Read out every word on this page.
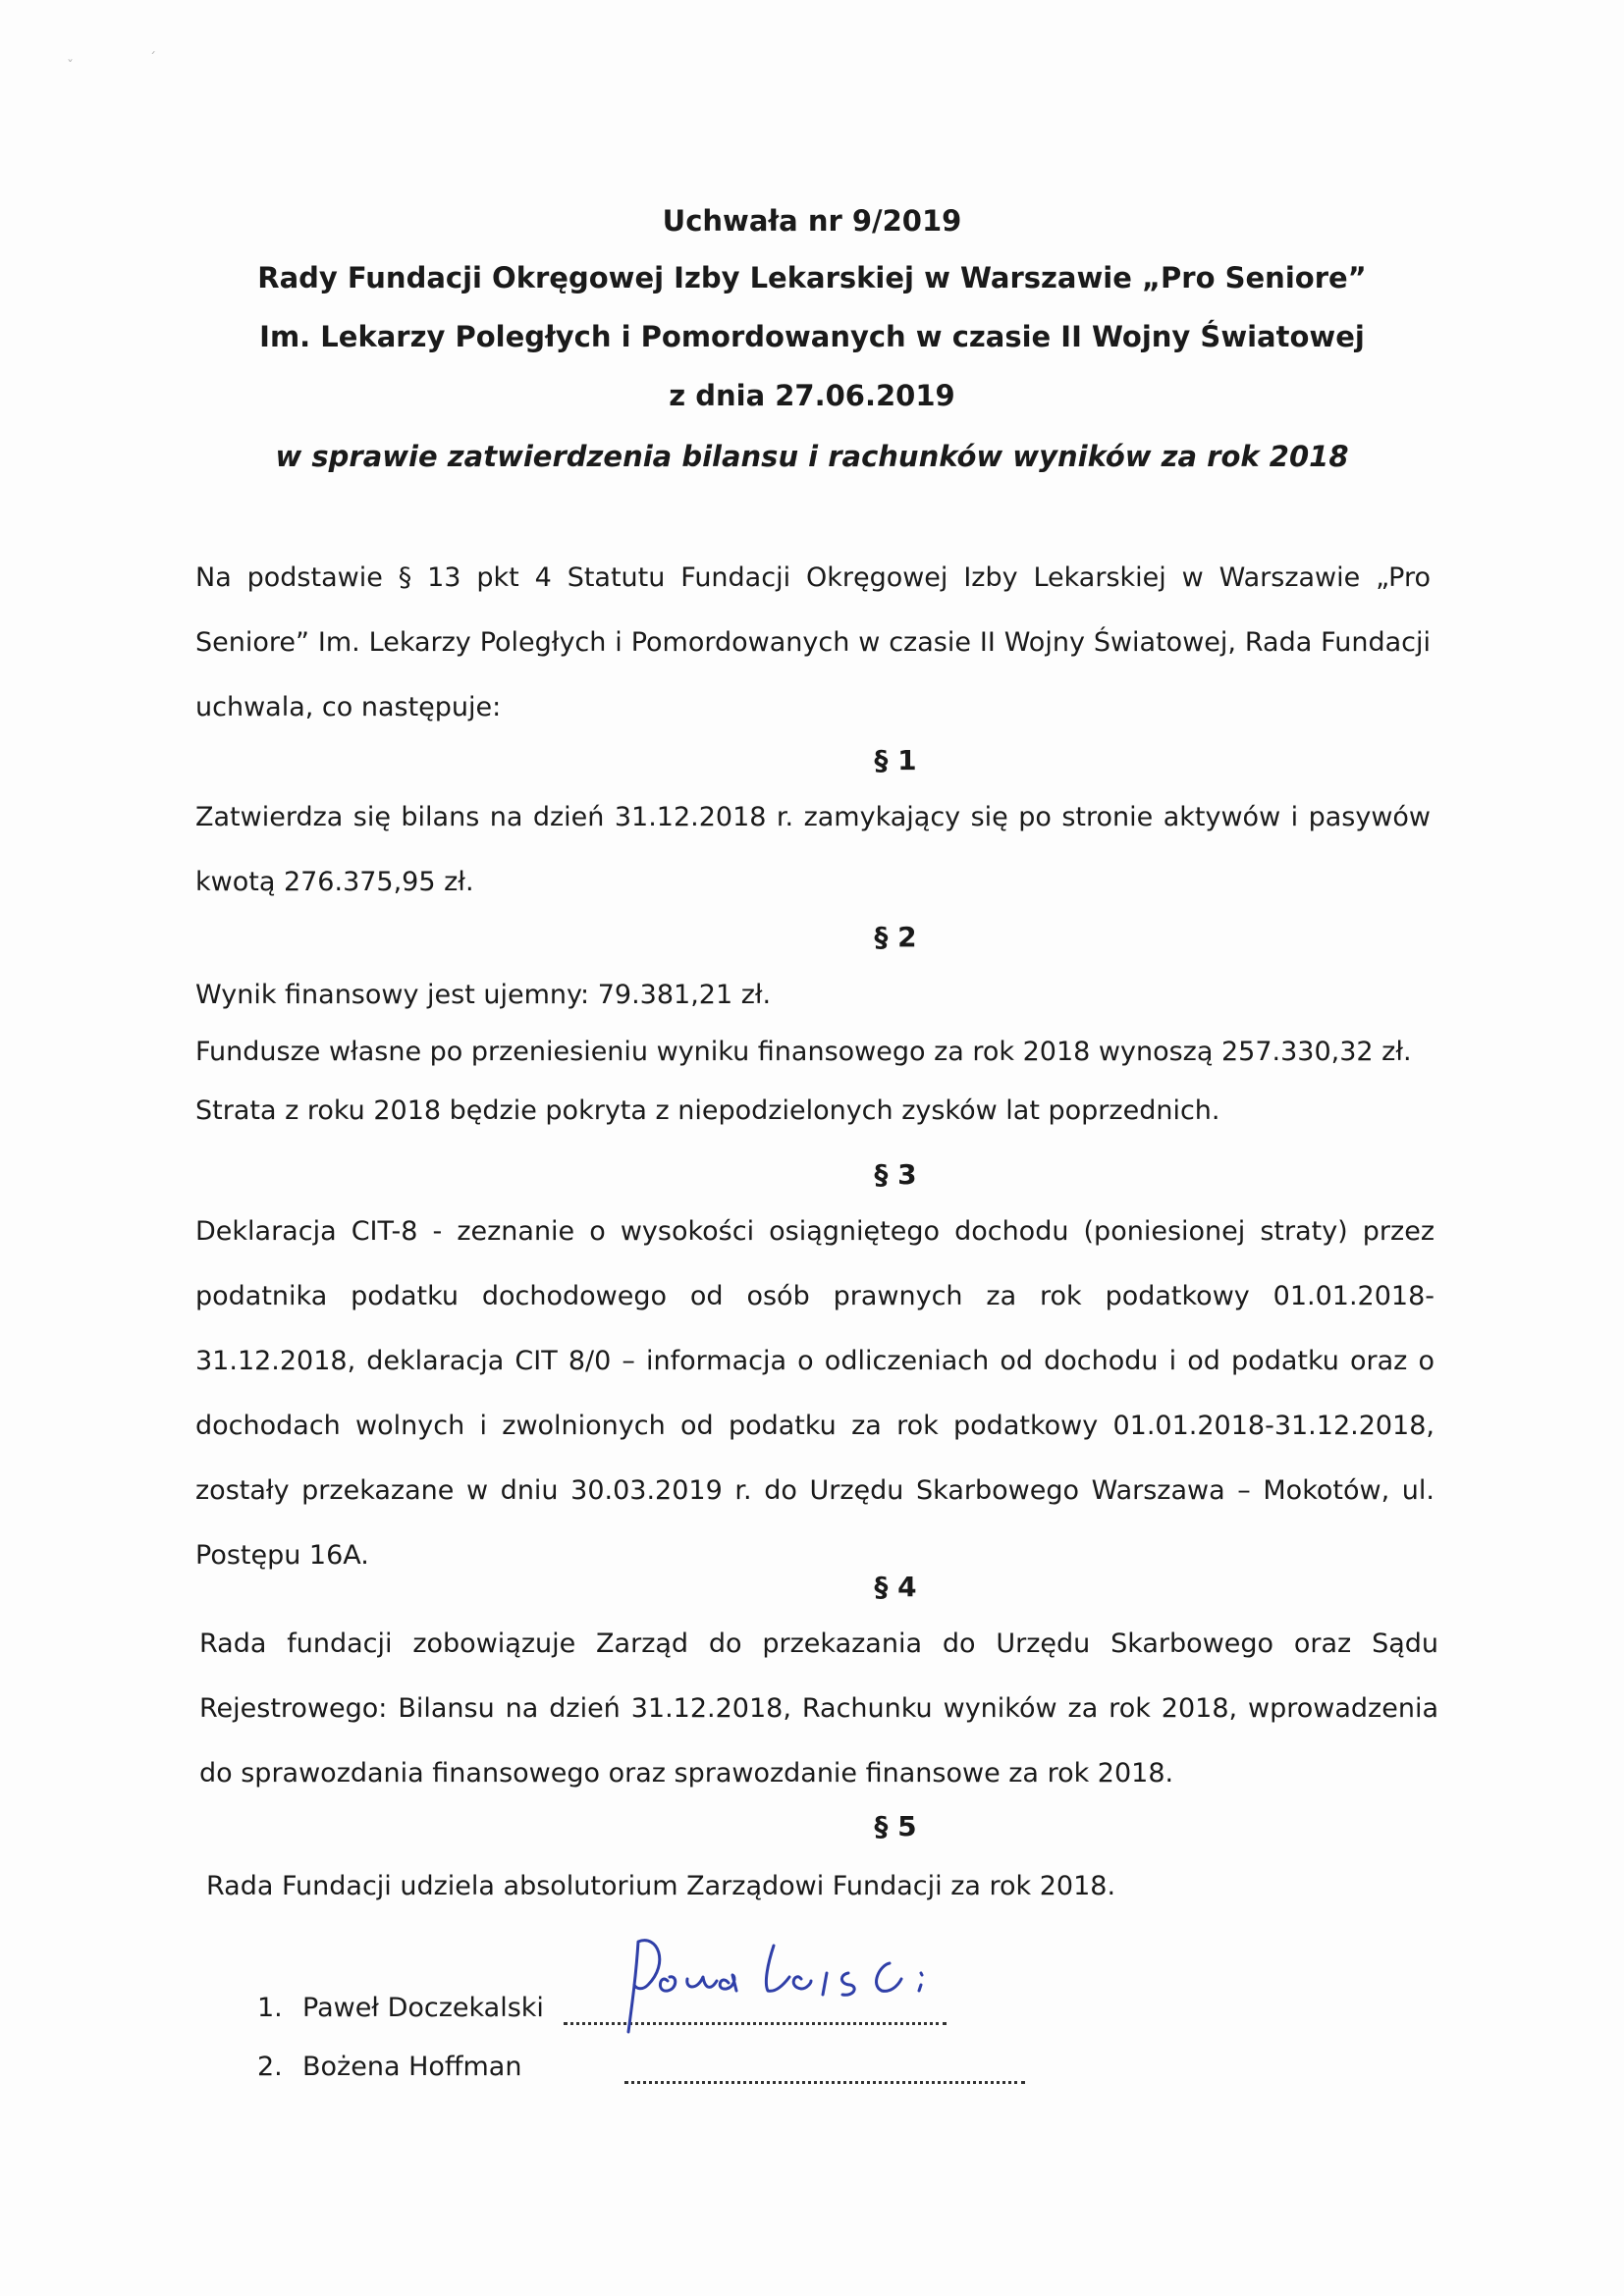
ˇ	ˊ
Uchwała nr 9/2019
Rady Fundacji Okręgowej Izby Lekarskiej w Warszawie „Pro Seniore”
Im. Lekarzy Poległych i Pomordowanych w czasie II Wojny Światowej
z dnia 27.06.2019
w sprawie zatwierdzenia bilansu i rachunków wyników za rok 2018
Na podstawie § 13 pkt 4 Statutu Fundacji Okręgowej Izby Lekarskiej w Warszawie „Pro Seniore” Im. Lekarzy Poległych i Pomordowanych w czasie II Wojny Światowej, Rada Fundacji uchwala, co następuje:
§ 1
Zatwierdza się bilans na dzień 31.12.2018 r. zamykający się po stronie aktywów i pasywów kwotą 276.375,95 zł.
§ 2
Wynik finansowy jest ujemny: 79.381,21 zł.
Fundusze własne po przeniesieniu wyniku finansowego za rok 2018 wynoszą 257.330,32 zł.
Strata z roku 2018 będzie pokryta z niepodzielonych zysków lat poprzednich.
§ 3
Deklaracja CIT-8 - zeznanie o wysokości osiągniętego dochodu (poniesionej straty) przez podatnika podatku dochodowego od osób prawnych za rok podatkowy 01.01.2018-31.12.2018, deklaracja CIT 8/0 – informacja o odliczeniach od dochodu i od podatku oraz o dochodach wolnych i zwolnionych od podatku za rok podatkowy 01.01.2018-31.12.2018, zostały przekazane w dniu 30.03.2019 r. do Urzędu Skarbowego Warszawa – Mokotów, ul. Postępu 16A.
§ 4
Rada fundacji zobowiązuje Zarząd do przekazania do Urzędu Skarbowego oraz Sądu Rejestrowego: Bilansu na dzień 31.12.2018, Rachunku wyników za rok 2018, wprowadzenia do sprawozdania finansowego oraz sprawozdanie finansowe za rok 2018.
§ 5
Rada Fundacji udziela absolutorium Zarządowi Fundacji za rok 2018.
1. Paweł Doczekalski
2. Bożena Hoffman
